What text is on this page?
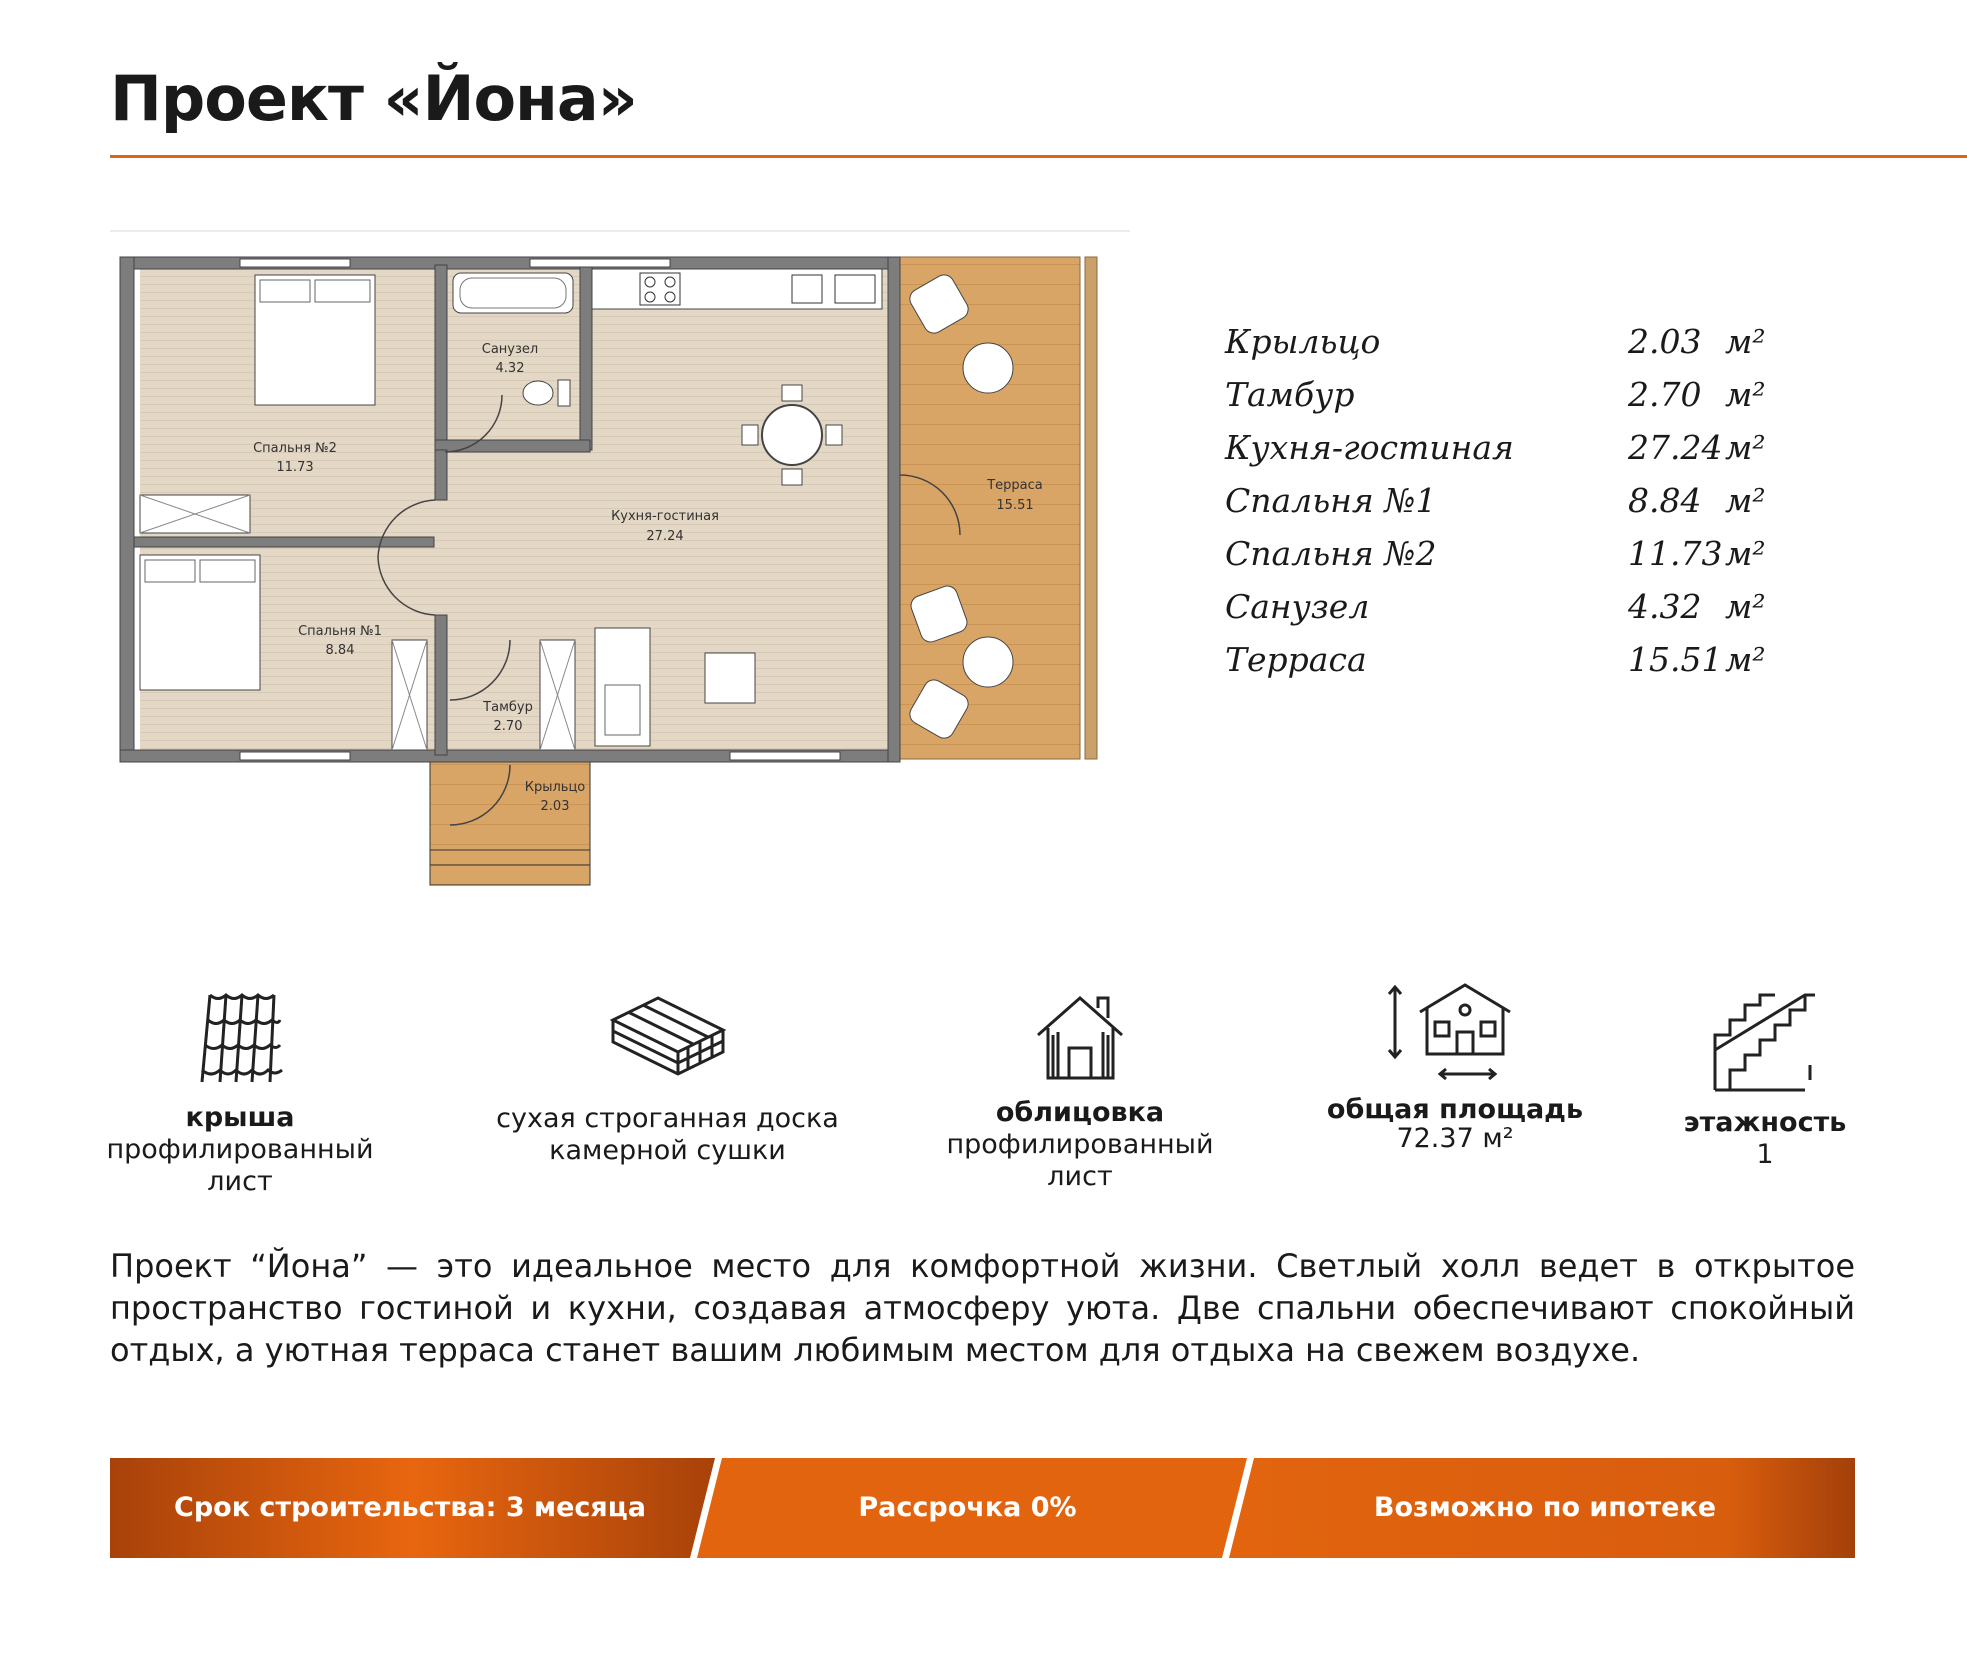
Проект «Йона»
Спальня №2
11.73
Санузел
4.32
Кухня-гостиная
27.24
Терраса
15.51
Спальня №1
8.84
Тамбур
2.70
Крыльцо
2.03
Крыльцо	2.03 м²
Тамбур	2.70 м²
Кухня-гостиная	27.24 м²
Спальня №1	8.84 м²
Спальня №2	11.73 м²
Санузел	4.32 м²
Терраса	15.51 м²
крыша
профилированный
лист
сухая строганная доска
камерной сушки
облицовка
профилированный
лист
общая площадь
72.37 м²
этажность
1
Проект “Йона” — это идеальное место для комфортной жизни. Светлый холл ведет в открытое пространство гостиной и кухни, создавая атмосферу уюта. Две спальни обеспечивают спокойный отдых, а уютная терраса станет вашим любимым местом для отдыха на свежем воздухе.
Срок строительства: 3 месяца	Рассрочка 0%	Возможно по ипотеке
